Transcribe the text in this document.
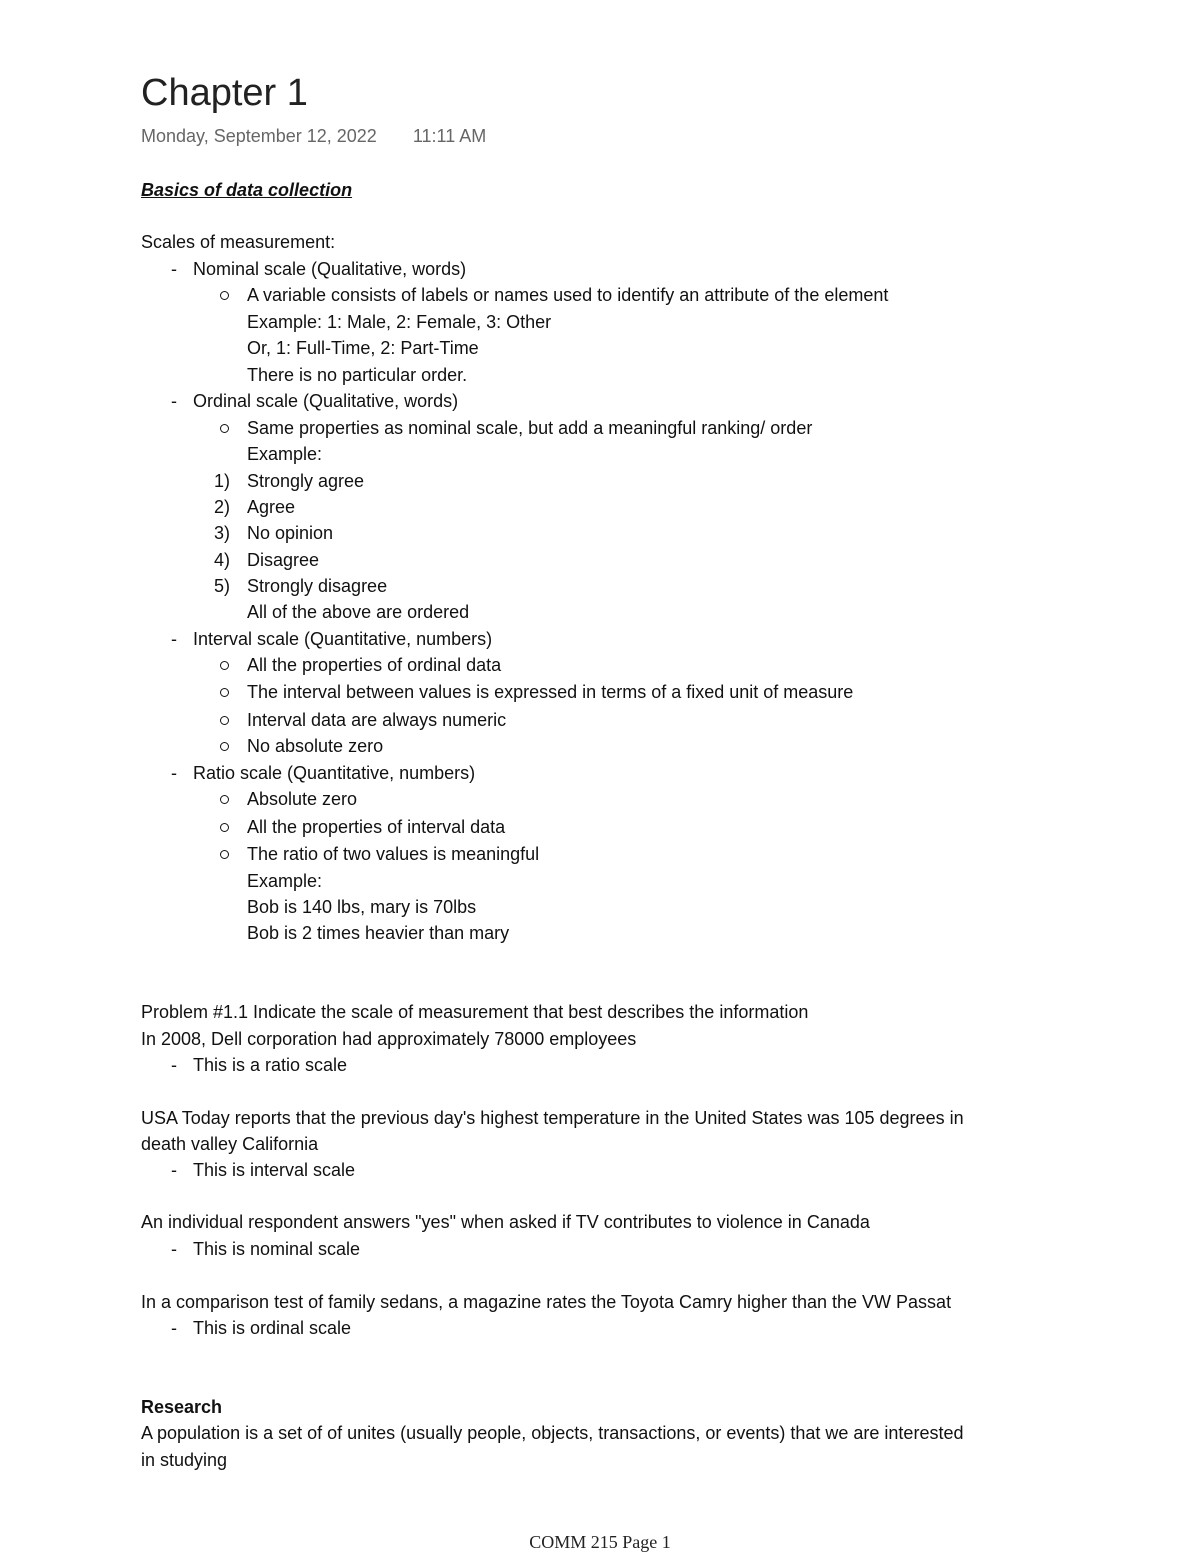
Chapter 1
Monday, September 12, 2022 11:11 AM
Basics of data collection
Scales of measurement:
- Nominal scale (Qualitative, words)
A variable consists of labels or names used to identify an attribute of the element
Example: 1: Male, 2: Female, 3: Other
Or, 1: Full-Time, 2: Part-Time
There is no particular order.
- Ordinal scale (Qualitative, words)
Same properties as nominal scale, but add a meaningful ranking/ order
Example:
1) Strongly agree
2) Agree
3) No opinion
4) Disagree
5) Strongly disagree
All of the above are ordered
- Interval scale (Quantitative, numbers)
All the properties of ordinal data
The interval between values is expressed in terms of a fixed unit of measure
Interval data are always numeric
No absolute zero
- Ratio scale (Quantitative, numbers)
Absolute zero
All the properties of interval data
The ratio of two values is meaningful
Example:
Bob is 140 lbs, mary is 70lbs
Bob is 2 times heavier than mary
Problem #1.1 Indicate the scale of measurement that best describes the information
In 2008, Dell corporation had approximately 78000 employees
- This is a ratio scale
USA Today reports that the previous day's highest temperature in the United States was 105 degrees in
death valley California
- This is interval scale
An individual respondent answers "yes" when asked if TV contributes to violence in Canada
- This is nominal scale
In a comparison test of family sedans, a magazine rates the Toyota Camry higher than the VW Passat
- This is ordinal scale
Research
A population is a set of of unites (usually people, objects, transactions, or events) that we are interested
in studying
COMM 215 Page 1
